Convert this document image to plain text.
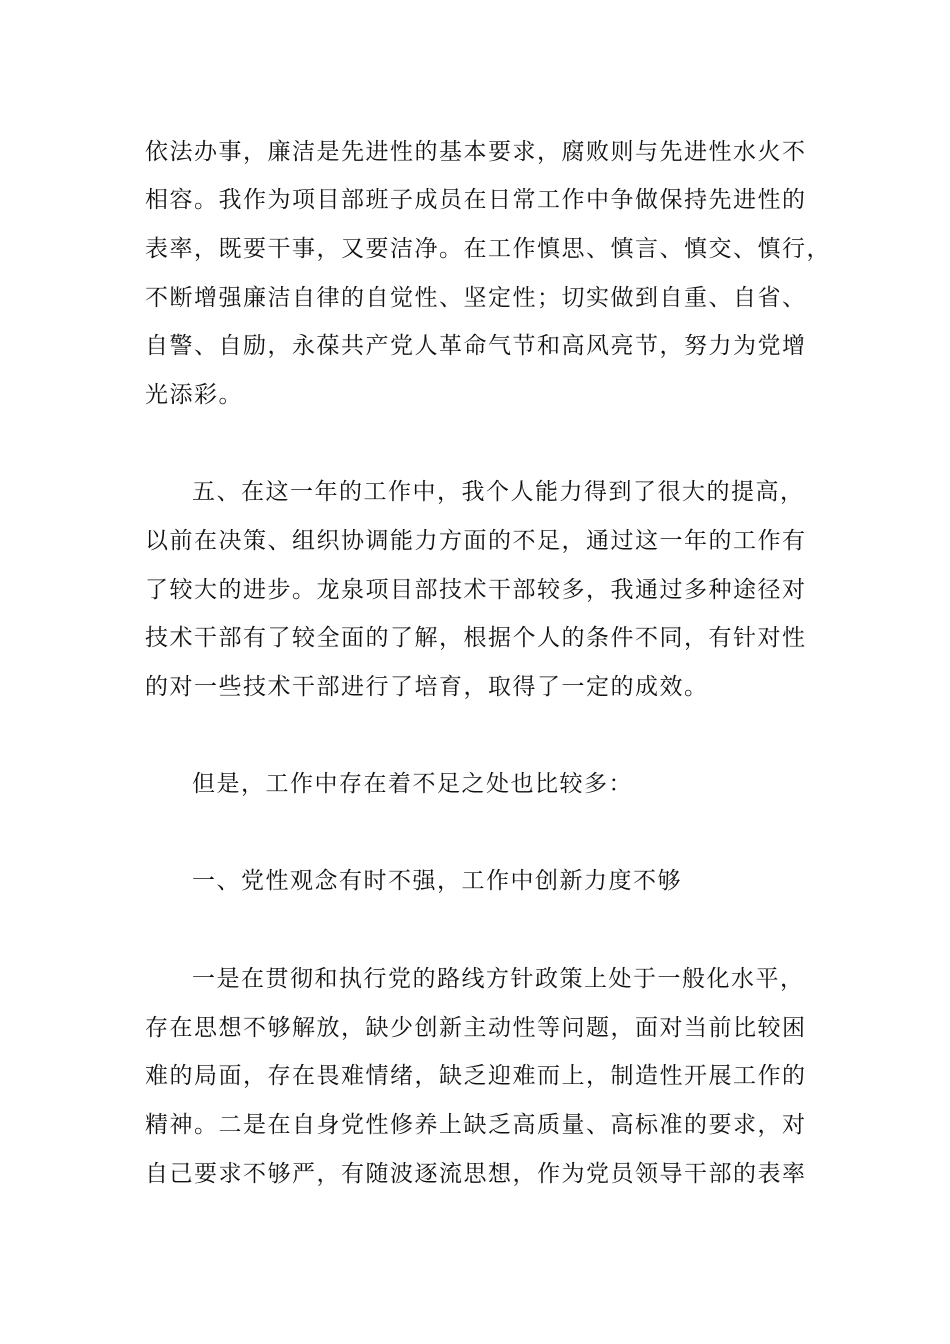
依法办事，廉洁是先进性的基本要求，腐败则与先进性水火不
相容。我作为项目部班子成员在日常工作中争做保持先进性的
表率，既要干事，又要洁净。在工作慎思、慎言、慎交、慎行，
不断增强廉洁自律的自觉性、坚定性；切实做到自重、自省、
自警、自励，永葆共产党人革命气节和高风亮节，努力为党增
光添彩。
五、在这一年的工作中，我个人能力得到了很大的提高，
以前在决策、组织协调能力方面的不足，通过这一年的工作有
了较大的进步。龙泉项目部技术干部较多，我通过多种途径对
技术干部有了较全面的了解，根据个人的条件不同，有针对性
的对一些技术干部进行了培育，取得了一定的成效。
但是，工作中存在着不足之处也比较多：
一、党性观念有时不强，工作中创新力度不够
一是在贯彻和执行党的路线方针政策上处于一般化水平，
存在思想不够解放，缺少创新主动性等问题，面对当前比较困
难的局面，存在畏难情绪，缺乏迎难而上，制造性开展工作的
精神。二是在自身党性修养上缺乏高质量、高标准的要求，对
自己要求不够严，有随波逐流思想，作为党员领导干部的表率
